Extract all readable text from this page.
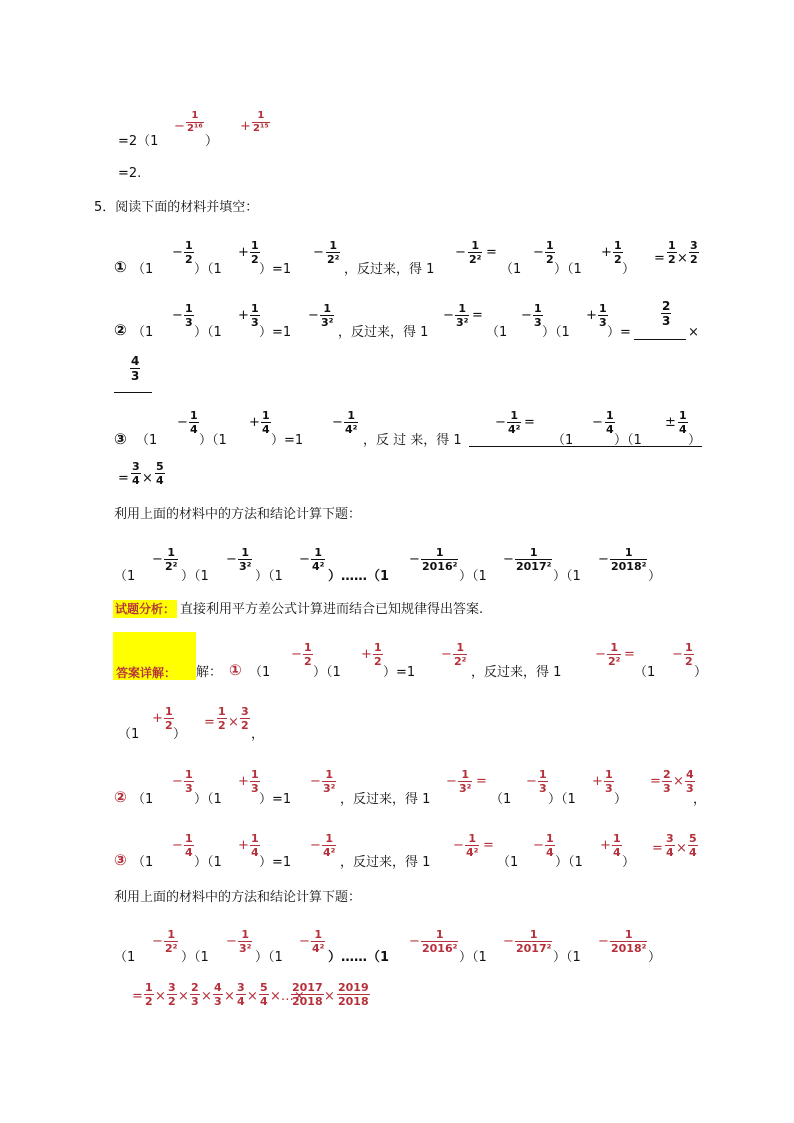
=2（1
−
1
2¹⁶
）
+
1
2¹⁵
=2.
5．阅读下面的材料并填空：
① （1
− 1
2
）（1
+ 1
2
）=1
− 1
2²
，反过来，得 1
− 1
2² =
（1
− 1
2
）（1
+ 1
2
）
=
1
2 ×
3
2
② （1
− 1
3
）（1
+ 1
3
）=1
− 1
3²
，反过来，得 1
− 1
3² =
（1
− 1
3
）（1
+ 1
3
）=
2
3
×
4
3
③ （1
− 1
4
）（1
+ 1
4
）=1
− 1
4²
，反 过 来，得 1
− 1
4² =
（1
− 1
4
）（1
± 1
4
）
=
3
4 ×
5
4
利用上面的材料中的方法和结论计算下题：
（1
− 1
2²
）（1
− 1
3²
）（1
− 1
4²
）……（1
− 1
2016²
）（1
− 1
2017²
）（1
− 1
2018²
）
试题分析： 直接利用平方差公式计算进而结合已知规律得出答案.
答案详解： 解： ① （1
− 1
2
）（1
+ 1
2
）=1
− 1
2²
，反过来，得 1
− 1
2² =
（1
− 1
2
）
（1
+ 1
2
）
=
1
2 ×
3
2
，
② （1
− 1
3
）（1
+ 1
3
）=1
− 1
3²
，反过来，得 1
− 1
3² =
（1
− 1
3
）（1
+ 1
3
）
= 2
3 × 4
3
，
③ （1
− 1
4
）（1
+ 1
4
）=1
− 1
4²
，反过来，得 1
− 1
4² =
（1
− 1
4
）（1
+ 1
4
）
=
3
4 ×
5
4
利用上面的材料中的方法和结论计算下题：
（1
− 1
2²
）（1
− 1
3²
）（1
− 1
4²
）……（1
− 1
2016²
）（1
− 1
2017²
）（1
− 1
2018²
）
=
1
2 ×
3
2 ×
2
3 ×
4
3 ×
3
4 ×
5
4 ×…×
2017
2018 ×
2019
2018
